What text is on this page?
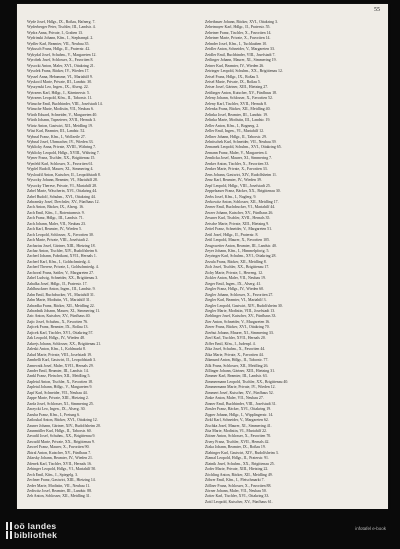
55
Wyde Josef, Hdlgr., IX., Roßau, Hafnerg. 7.
Wyderberger Peter, Tischler, III., Landstr. 4.
Wydra Anna, Private, I., Graben 13.
Wydrinski Johann, Kfm., I., Stephanspl. 2.
Wydler Karl, Beamter, VII., Neubau 35.
Wykusch Franz, Hdlgr., II., Praterstr. 42.
Wykydal Josef, Schuhm., V., Margareten 12.
Wyrobek Josef, Schlosser, X., Favoriten 8.
Wysocki Anton, Maler, XVI., Ottakring 21.
Wysolek Franz, Bäcker, IV., Wieden 17.
Wyssel Anna, Hebamme, VI., Mariahilf 9.
Wyskocil Marie, Private, III., Landstr. 30.
Wyszynski Leo, Ingen., IX., Alserg. 22.
Wytrzens Karl, Hdlgr., I., Kärntnerstr. 5.
Wytrzens Leopold, Kfm., II., Taborstr. 11.
Wünsche Emil, Buchbinder, VIII., Josefstadt 14.
Wünsche Marie, Modistin, VII., Neubau 6.
Würth Eduard, Schneider, V., Margareten 40.
Würth Johann, Tapezierer, XVII., Hernals 3.
Würtz Anton, Gastwirt, XII., Meidling 19.
Wüst Karl, Beamter, III., Landstr. 52.
Wyhnal Franz, Kfm., I., Wollzeile 27.
Wyhnal Josef, Uhrmacher, IV., Wieden 33.
Wyklicky Anna, Private, XVIII., Währing 7.
Wyklicky Leopold, Hdlgr., XVIII., Währing 7.
Wyner Franz, Tischler, XX., Brigittenau 15.
Wynfeld Karl, Schlosser, X., Favoriten 61.
Wyplel Rudolf, Maurer, XI., Simmering 4.
Wysloužil Anton, Kutscher, II., Leopoldstadt 8.
Wysocky Johann, Beamter, VI., Mariahilf 28.
Wysocky Therese, Private, VI., Mariahilf 28.
Zabel Marie, Wäscherin, XVI., Ottakring 44.
Zabel Rudolf, Schuhm., XVI., Ottakring 44.
Zabransky Josef, Drechsler, XV., Fünfhaus 12.
Zach Anton, Bäcker, IX., Alserg. 16.
Zach Emil, Kfm., I., Rotenturmstr. 9.
Zach Franz, Hdlgr., III., Landstr. 71.
Zach Johann, Maler, VII., Neubau 23.
Zach Karl, Beamter, IV., Wieden 5.
Zach Leopold, Schlosser, X., Favoriten 30.
Zach Marie, Private, VIII., Josefstadt 2.
Zacharias Josef, Gärtner, XIII., Hietzing 18.
Zachar Anton, Tischler, XIV., Rudolfsheim 6.
Zacherl Johann, Fabrikant, XVII., Hernals 1.
Zacherl Karl, Kfm., I., Goldschmiedg. 4.
Zacherl Therese, Private, I., Goldschmiedg. 4.
Zachoval Franz, Sattler, V., Margareten 27.
Zahel Ludwig, Schneider, XX., Brigittenau 3.
Zahalka Josef, Hdlgr., II., Praterstr. 17.
Zahlbruckner Anton, Ingen., III., Landstr. 9.
Zahn Emil, Buchdrucker, VI., Mariahilf 31.
Zahn Marie, Modistin, VI., Mariahilf 31.
Zahradka Franz, Bäcker, XII., Meidling 22.
Zahradnik Johann, Maurer, XI., Simmering 11.
Zaic Anton, Kutscher, XV., Fünfhaus 40.
Zajic Josef, Schuhm., X., Favoriten 76.
Zajicek Franz, Beamter, IX., Roßau 13.
Zajicek Karl, Tischler, XVI., Ottakring 57.
Zak Leopold, Hdlgr., IV., Wieden 48.
Zakrejs Johann, Schlosser, XX., Brigittenau 21.
Zaleski Anton, Kfm., I., Kohlmarkt 8.
Zalud Marie, Private, VIII., Josefstadt 19.
Zambelli Karl, Gastwirt, II., Leopoldstadt 3.
Zamecnik Josef, Maler, XVII., Hernals 29.
Zander Emil, Beamter, III., Landstr. 14.
Zankl Franz, Fleischer, XII., Meidling 5.
Zapletal Anton, Tischler, X., Favoriten 18.
Zapletal Johann, Hdlgr., V., Margareten 9.
Zapf Karl, Schneider, VII., Neubau 44.
Zappe Marie, Private, XIII., Hietzing 2.
Zarda Josef, Schlosser, XI., Simmering 25.
Zarzycki Leo, Ingen., IX., Alserg. 30.
Zaruba Franz, Kfm., I., Freiung 6.
Zatloukal Anton, Bäcker, XVI., Ottakring 12.
Zauner Johann, Gärtner, XIV., Rudolfsheim 20.
Zaunmüller Karl, Hdlgr., II., Taborstr. 60.
Zavadil Josef, Schuhm., XX., Brigittenau 9.
Zawadil Marie, Private, XX., Brigittenau 9.
Zawrel Franz, Maurer, X., Favoriten 90.
Zbiral Anton, Kutscher, XV., Fünfhaus 7.
Zdarsky Johann, Beamter, IV., Wieden 21.
Zdenek Karl, Tischler, XVII., Hernals 16.
Zebinger Leopold, Hdlgr., VI., Mariahilf 50.
Zech Emil, Kfm., I., Spiegelg. 3.
Zechner Franz, Gastwirt, XIII., Hietzing 14.
Zeder Marie, Modistin, VII., Neubau 11.
Zedtwitz Josef, Beamter, III., Landstr. 88.
Zeh Anton, Schlosser, XII., Meidling 31.
Zehetbauer Johann, Bäcker, XVI., Ottakring 3.
Zehetmayer Karl, Hdlgr., II., Praterstr. 55.
Zehetner Franz, Tischler, X., Favoriten 14.
Zehetner Marie, Private, X., Favoriten 14.
Zehnder Josef, Kfm., I., Tuchlauben 10.
Zeidler Anton, Schneider, V., Margareten 33.
Zeidler Emil, Buchbinder, VIII., Josefstadt 7.
Zeilinger Johann, Maurer, XI., Simmering 19.
Zeiner Karl, Beamter, IV., Wieden 26.
Zeiringer Leopold, Schuhm., XX., Brigittenau 12.
Zeisel Franz, Hdlgr., IX., Roßau 5.
Zeisel Marie, Private, IX., Roßau 5.
Zeiser Josef, Gärtner, XIII., Hietzing 27.
Zeitlinger Anton, Kutscher, XV., Fünfhaus 18.
Zeleny Johann, Schlosser, X., Favoriten 52.
Zeleny Karl, Tischler, XVII., Hernals 8.
Zelenka Franz, Bäcker, XII., Meidling 40.
Zelinka Josef, Beamter, III., Landstr. 19.
Zelinka Marie, Modistin, III., Landstr. 19.
Zeller Anton, Kfm., I., Bognerg. 2.
Zeller Emil, Ingen., VI., Mariahilf 12.
Zellner Johann, Hdlgr., II., Taborstr. 29.
Zelnitschek Karl, Schneider, VII., Neubau 39.
Zemanek Leopold, Schuhm., XVI., Ottakring 65.
Zemann Franz, Maler, V., Margareten 4.
Zemlicka Josef, Maurer, XI., Simmering 7.
Zenker Anton, Tischler, X., Favoriten 33.
Zenker Marie, Private, X., Favoriten 33.
Zens Johann, Gastwirt, XIV., Rudolfsheim 11.
Zenz Karl, Beamter, IV., Wieden 39.
Zepf Leopold, Hdlgr., VIII., Josefstadt 25.
Zeppelzauer Franz, Bäcker, XX., Brigittenau 30.
Zerbs Josef, Kfm., I., Naglerg. 9.
Zerkowitz Anton, Schlosser, XII., Meidling 17.
Zerner Emil, Buchdrucker, VI., Mariahilf 44.
Zerzer Johann, Kutscher, XV., Fünfhaus 26.
Zessner Karl, Tischler, XVII., Hernals 35.
Zetsche Marie, Private, XIII., Hietzing 9.
Zettel Franz, Schneider, V., Margareten 51.
Zettl Josef, Hdlgr., II., Praterstr. 8.
Zettl Leopold, Maurer, X., Favoriten 105.
Zeugswetter Anton, Beamter, III., Landstr. 40.
Zeyer Johann, Kfm., I., Himmelpfortg. 5.
Zeyringer Karl, Schuhm., XVI., Ottakring 28.
Zezula Franz, Bäcker, XII., Meidling 8.
Zich Josef, Tischler, XX., Brigittenau 17.
Zichy Marie, Private, I., Herreng. 12.
Zickler Anton, Maler, VII., Neubau 19.
Zieger Emil, Ingen., IX., Alserg. 41.
Ziegler Franz, Hdlgr., IV., Wieden 60.
Ziegler Johann, Schlosser, X., Favoriten 27.
Ziegler Karl, Beamter, VI., Mariahilf 3.
Ziegler Leopold, Gastwirt, XIV., Rudolfsheim 30.
Ziegler Marie, Modistin, VIII., Josefstadt 13.
Ziehlinger Josef, Kutscher, XV., Fünfhaus 33.
Zier Anton, Schneider, V., Margareten 16.
Zierer Franz, Bäcker, XVI., Ottakring 70.
Zierhut Johann, Maurer, XI., Simmering 33.
Zierl Karl, Tischler, XVII., Hernals 20.
Ziffer Emil, Kfm., I., Judenpl. 4.
Zika Josef, Schuhm., X., Favoriten 44.
Zika Marie, Private, X., Favoriten 44.
Zikmund Anton, Hdlgr., II., Taborstr. 77.
Zilk Franz, Schlosser, XII., Meidling 26.
Zillinger Johann, Gärtner, XIII., Hietzing 31.
Zimmer Karl, Beamter, III., Landstr. 63.
Zimmermann Leopold, Tischler, XX., Brigittenau 40.
Zimmermann Marie, Private, IV., Wieden 12.
Zimmert Josef, Kutscher, XV., Fünfhaus 52.
Zinke Anton, Maler, VII., Neubau 27.
Zinner Emil, Buchbinder, VIII., Josefstadt 31.
Zinsler Franz, Bäcker, XVI., Ottakring 19.
Zipper Johann, Hdlgr., I., Wipplingerstr. 14.
Zirkl Karl, Schneider, V., Margareten 62.
Zischka Josef, Maurer, XI., Simmering 41.
Zita Marie, Modistin, VI., Mariahilf 22.
Zittner Anton, Schlosser, X., Favoriten 70.
Zivny Franz, Tischler, XVII., Hernals 42.
Zizka Johann, Beamter, IX., Roßau 19.
Zlabinger Karl, Gastwirt, XIV., Rudolfsheim 3.
Zlamal Leopold, Hdlgr., II., Praterstr. 91.
Zlatnik Josef, Schuhm., XX., Brigittenau 25.
Zoder Marie, Private, XIII., Hietzing 22.
Zöchling Anton, Bäcker, XII., Meidling 49.
Zöhrer Emil, Kfm., I., Fleischmarkt 7.
Zöllner Franz, Schlosser, X., Favoriten 88.
Zörner Johann, Maler, VII., Neubau 50.
Zotter Karl, Tischler, XVI., Ottakring 33.
Zottl Leopold, Kutscher, XV., Fünfhaus 61.
oö landes
bibliothek
infotafel e-book
